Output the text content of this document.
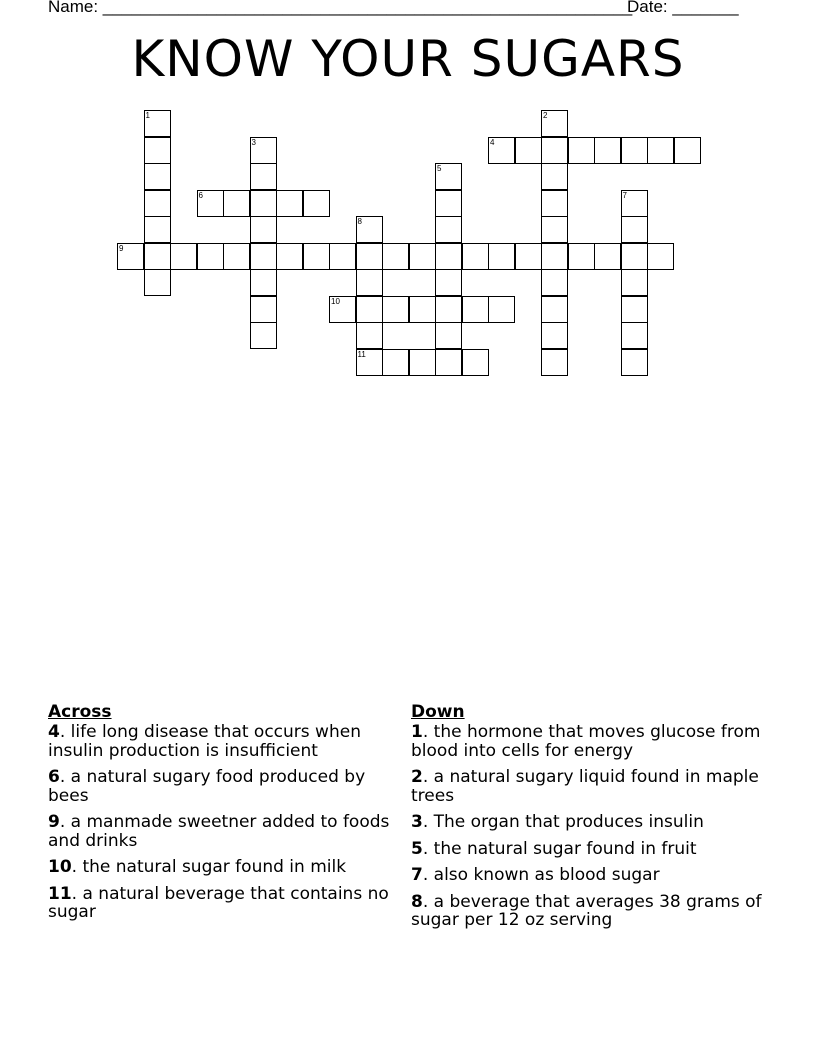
Name: ________________________________________________________
Date: _______
KNOW YOUR SUGARS
1	2
3	4
5
6	7
8
11
9
10
Across
4. life long disease that occurs when insulin production is insufficient
6. a natural sugary food produced by bees
9. a manmade sweetner added to foods and drinks
10. the natural sugar found in milk
11. a natural beverage that contains no sugar
Down
1. the hormone that moves glucose from blood into cells for energy
2. a natural sugary liquid found in maple trees
3. The organ that produces insulin
5. the natural sugar found in fruit
7. also known as blood sugar
8. a beverage that averages 38 grams of sugar per 12 oz serving
